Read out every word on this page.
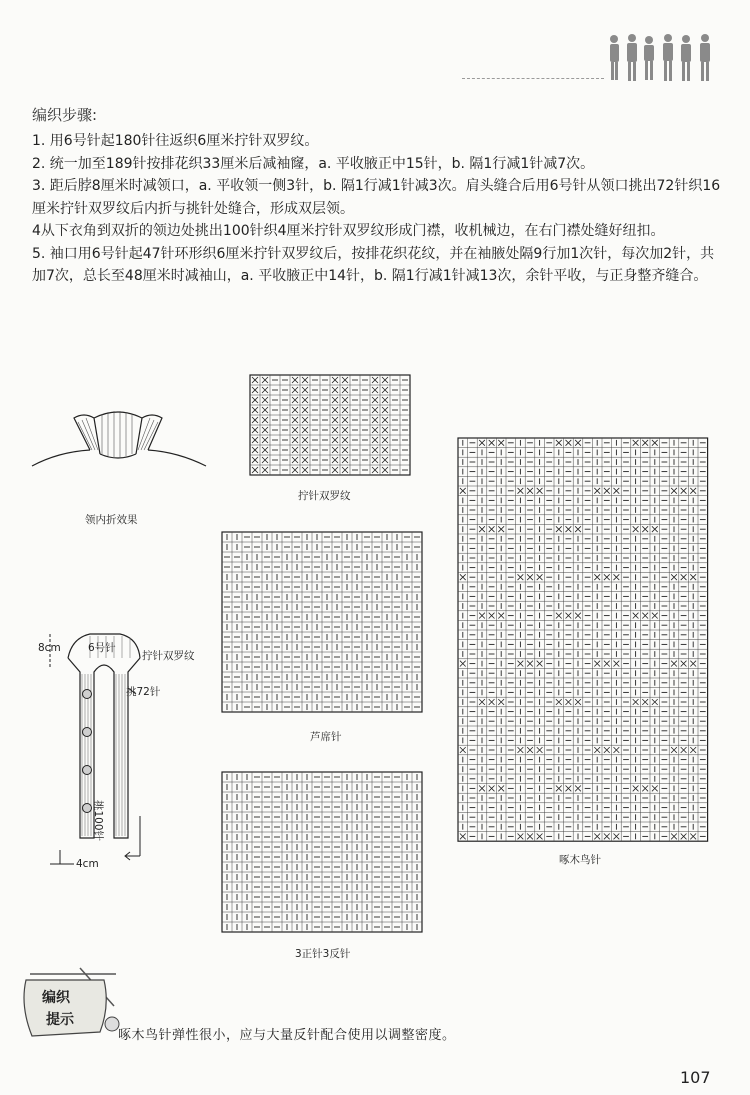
编织步骤:

1. 用6号针起180针往返织6厘米拧针双罗纹。

2. 统一加至189针按排花织33厘米后减袖窿，a. 平收腋正中15针，b. 隔1行减1针减7次。

3. 距后脖8厘米时减领口，a. 平收领一侧3针，b. 隔1行减1针减3次。肩头缝合后用6号针从领口挑出72针织16厘米拧针双罗纹后内折与挑针处缝合，形成双层领。

4从下衣角到双折的领边处挑出100针织4厘米拧针双罗纹形成门襟，收机械边，在右门襟处缝好纽扣。

5. 袖口用6号针起47针环形织6厘米拧针双罗纹后，按排花织花纹，并在袖腋处隔9行加1次针，每次加2针，共加7次，总长至48厘米时减袖山，a. 平收腋正中14针，b. 隔1行减1针减13次，余针平收，与正身整齐缝合。

领内折效果
8cm	6号针
拧针双罗纹
挑72针
挑100针
4cm
拧针双罗纹
芦席针
3正针3反针
啄木鸟针
编织
提示
啄木鸟针弹性很小，应与大量反针配合使用以调整密度。
107
